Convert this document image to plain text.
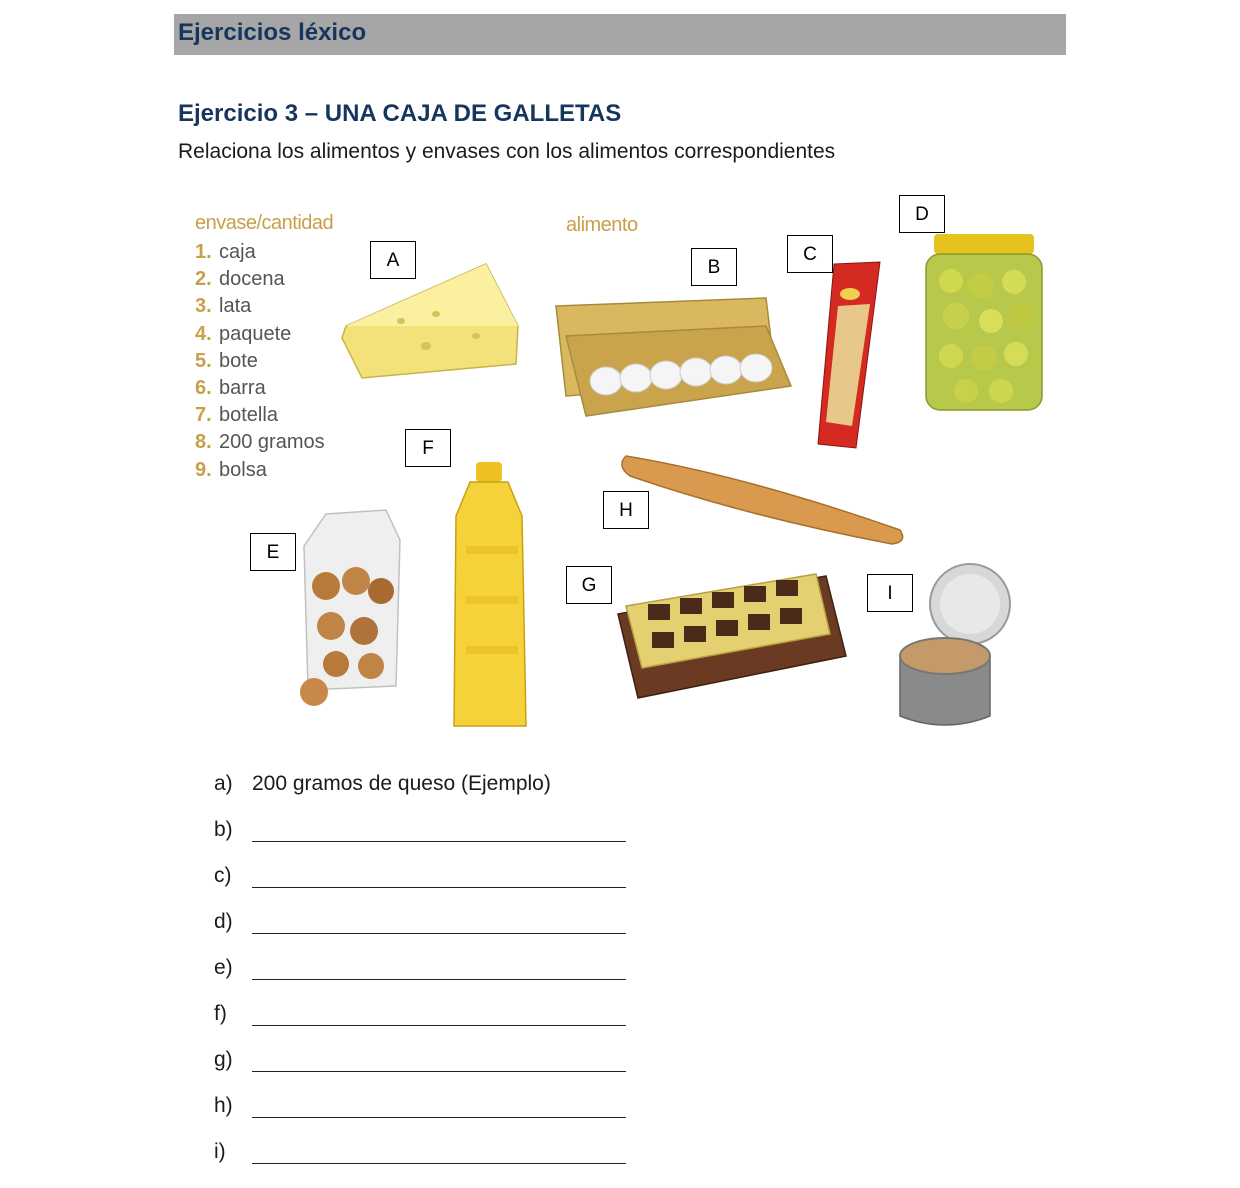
Ejercicios léxico
Ejercicio 3 – UNA CAJA DE GALLETAS
Relaciona los alimentos y envases con los alimentos correspondientes
envase/cantidad	alimento
1. caja
2. docena
3. lata
4. paquete
5. bote
6. barra
7. botella
8. 200 gramos
9. bolsa
A	B
C
D
E
F
G
H
I
a) 200 gramos de queso (Ejemplo)
b)
c)
d)
e)
f)
g)
h)
i)
